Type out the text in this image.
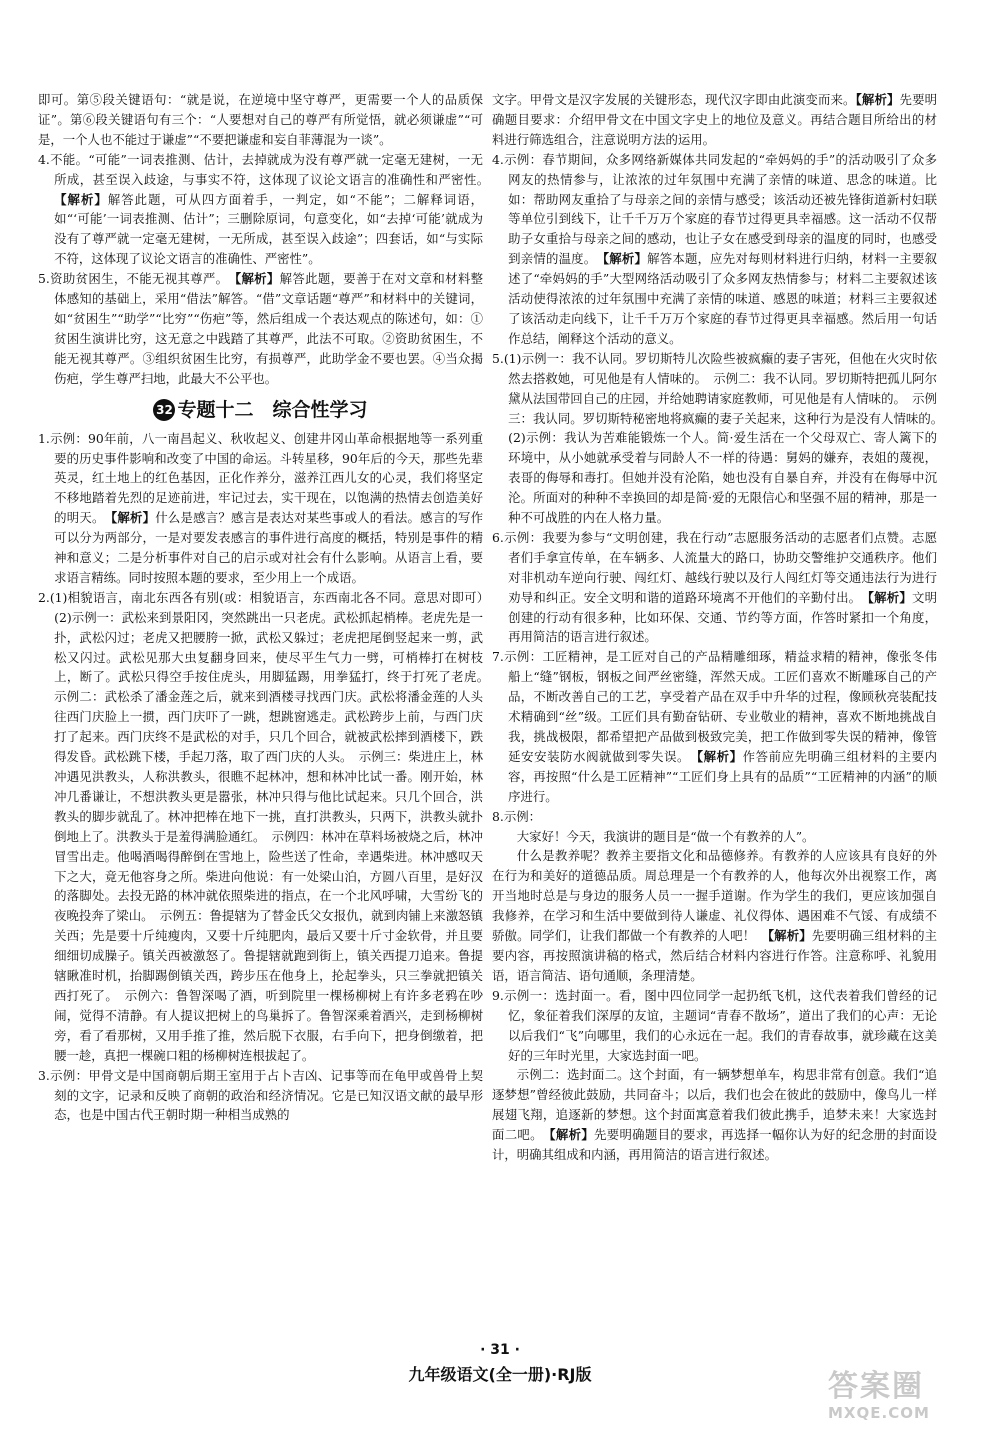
即可。第⑤段关键语句：“就是说，在逆境中坚守尊严，更需要一个人的品质保证”。第⑥段关键语句有三个：“人要想对自己的尊严有所觉悟，就必须谦虚”“可是，一个人也不能过于谦虚”“不要把谦虚和妄自菲薄混为一谈”。

4.不能。“可能”一词表推测、估计，去掉就成为没有尊严就一定毫无建树，一无所成，甚至误入歧途，与事实不符，这体现了议论文语言的准确性和严密性。　【解析】解答此题，可从四方面着手，一判定，如“不能”；二解释词语，如“‘可能’一词表推测、估计”；三删除原词，句意变化，如“去掉‘可能’就成为没有了尊严就一定毫无建树，一无所成，甚至误入歧途”；四套话，如“与实际不符，这体现了议论文语言的准确性、严密性”。

5.资助贫困生，不能无视其尊严。　 【解析】解答此题，要善于在对文章和材料整体感知的基础上，采用“借法”解答。“借”文章话题“尊严”和材料中的关键词，如“贫困生”“助学”“比穷”“伤疤”等，然后组成一个表达观点的陈述句，如：①贫困生演讲比穷，这无意之中践踏了其尊严，此法不可取。②资助贫困生，不能无视其尊严。③组织贫困生比穷，有损尊严，此助学金不要也罢。④当众揭伤疤，学生尊严扫地，此最大不公平也。

32 专题十二　综合性学习

1.示例：90年前，八一南昌起义、秋收起义、创建井冈山革命根据地等一系列重要的历史事件影响和改变了中国的命运。斗转星移，90年后的今天，那些先辈英灵，红土地上的红色基因，正化作养分，滋养江西儿女的心灵，我们将坚定不移地踏着先烈的足迹前进，牢记过去，实干现在，以饱满的热情去创造美好的明天。　 【解析】什么是感言？感言是表达对某些事或人的看法。感言的写作可以分为两部分，一是对要发表感言的事件进行高度的概括，特别是事件的精神和意义；二是分析事件对自己的启示或对社会有什么影响。从语言上看，要求语言精练。同时按照本题的要求，至少用上一个成语。

2.(1)相貌语言，南北东西各有别(或：相貌语言，东西南北各不同。意思对即可）　(2)示例一：武松来到景阳冈，突然跳出一只老虎。武松抓起梢棒。老虎先是一扑，武松闪过；老虎又把腰胯一掀，武松又躲过；老虎把尾倒竖起来一剪，武松又闪过。武松见那大虫复翻身回来，使尽平生气力一劈，可梢棒打在树枝上，断了。武松只得空手按住虎头，用脚猛踢，用拳猛打，终于打死了老虎。　示例二：武松杀了潘金莲之后，就来到酒楼寻找西门庆。武松将潘金莲的人头往西门庆脸上一掼，西门庆吓了一跳，想跳窗逃走。武松跨步上前，与西门庆打了起来。西门庆终不是武松的对手，只几个回合，就被武松摔到酒楼下，跌得发昏。武松跳下楼，手起刀落，取了西门庆的人头。　示例三：柴进庄上，林冲遇见洪教头，人称洪教头，很瞧不起林冲，想和林冲比试一番。刚开始，林冲几番谦让，不想洪教头更是嚣张，林冲只得与他比试起来。只几个回合，洪教头的脚步就乱了。林冲把棒在地下一挑，直打洪教头，只两下，洪教头就扑倒地上了。洪教头于是羞得满脸通红。　示例四：林冲在草料场被烧之后，林冲冒雪出走。他喝酒喝得醉倒在雪地上，险些送了性命，幸遇柴进。林冲感叹天下之大，竟无他容身之所。柴进向他说：有一处梁山泊，方圆八百里，是好汉的落脚处。去投无路的林冲就依照柴进的指点，在一个北风呼啸，大雪纷飞的夜晚投奔了梁山。　示例五：鲁提辖为了替金氏父女报仇，就到肉铺上来激怒镇关西；先是要十斤纯瘦肉，又要十斤纯肥肉，最后又要十斤寸金软骨，并且要细细切成臊子。镇关西被激怒了。鲁提辖就跑到街上，镇关西提刀追来。鲁提辖瞅准时机，抬脚踢倒镇关西，跨步压在他身上，抡起拳头，只三拳就把镇关西打死了。　示例六：鲁智深喝了酒，听到院里一棵杨柳树上有许多老鸦在吵闹，觉得不清静。有人提议把树上的鸟巢拆了。鲁智深乘着酒兴，走到杨柳树旁，看了看那树，又用手推了推，然后脱下衣服，右手向下，把身倒缴着，把腰一趁，真把一棵碗口粗的杨柳树连根拔起了。

3.示例：甲骨文是中国商朝后期王室用于占卜吉凶、记事等而在龟甲或兽骨上契刻的文字，记录和反映了商朝的政治和经济情况。它是已知汉语文献的最早形态，也是中国古代王朝时期一种相当成熟的

文字。甲骨文是汉字发展的关键形态，现代汉字即由此演变而来。【解析】先要明确题目要求：介绍甲骨文在中国文字史上的地位及意义。再结合题目所给出的材料进行筛选组合，注意说明方法的运用。

4.示例：春节期间，众多网络新媒体共同发起的“牵妈妈的手”的活动吸引了众多网友的热情参与，让浓浓的过年氛围中充满了亲情的味道、思念的味道。比如：帮助网友重拾了与母亲之间的亲情与感受；该活动还被先锋街道新村妇联等单位引到线下，让千千万万个家庭的春节过得更具幸福感。这一活动不仅帮助子女重拾与母亲之间的感动，也让子女在感受到母亲的温度的同时，也感受到亲情的温度。　 【解析】解答本题，应先对每则材料进行归纳，材料一主要叙述了“牵妈妈的手”大型网络活动吸引了众多网友热情参与；材料二主要叙述该活动使得浓浓的过年氛围中充满了亲情的味道、感恩的味道；材料三主要叙述了该活动走向线下，让千千万万个家庭的春节过得更具幸福感。然后用一句话作总结，阐释这个活动的意义。

5.(1)示例一：我不认同。罗切斯特儿次险些被疯癫的妻子害死，但他在火灾时依然去搭救她，可见他是有人情味的。　示例二：我不认同。罗切斯特把孤儿阿尔黛从法国带回自己的庄园，并给她聘请家庭教师，可见他是有人情味的。　示例三：我认同。罗切斯特秘密地将疯癫的妻子关起来，这种行为是没有人情味的。　(2)示例：我认为苦难能锻炼一个人。简·爱生活在一个父母双亡、寄人篱下的环境中，从小她就承受着与同龄人不一样的待遇：舅妈的嫌弃，表姐的蔑视，表哥的侮辱和毒打。但她并没有沦陷，她也没有自暴自弃，并没有在侮辱中沉沦。所面对的种种不幸换回的却是简·爱的无限信心和坚强不屈的精神，那是一种不可战胜的内在人格力量。

6.示例：我要为参与“文明创建，我在行动”志愿服务活动的志愿者们点赞。志愿者们手拿宣传单，在车辆多、人流量大的路口，协助交警维护交通秩序。他们对非机动车逆向行驶、闯红灯、越线行驶以及行人闯红灯等交通违法行为进行劝导和纠正。安全文明和谐的道路环境离不开他们的辛勤付出。　 【解析】文明创建的行动有很多种，比如环保、交通、节约等方面，作答时紧扣一个角度，再用简洁的语言进行叙述。

7.示例：工匠精神，是工匠对自己的产品精雕细琢，精益求精的精神，像张冬伟船上“缝”钢板，钢板之间严丝密缝，浑然天成。工匠们喜欢不断雕琢自己的产品，不断改善自己的工艺，享受着产品在双手中升华的过程，像顾秋亮装配技术精确到“丝”级。工匠们具有勤奋钻研、专业敬业的精神，喜欢不断地挑战自我，挑战极限，都希望把产品做到极致完美，把工作做到零失误的精神，像管延安安装防水阀就做到零失误。　 【解析】作答前应先明确三组材料的主要内容，再按照“什么是工匠精神”“工匠们身上具有的品质”“工匠精神的内涵”的顺序进行。

8.示例：

大家好！今天，我演讲的题目是“做一个有教养的人”。

什么是教养呢？教养主要指文化和品德修养。有教养的人应该具有良好的外在行为和美好的道德品质。周总理是一个有教养的人，他每次外出视察工作，离开当地时总是与身边的服务人员一一握手道谢。作为学生的我们，更应该加强自我修养，在学习和生活中要做到待人谦虚、礼仪得体、遇困难不气馁、有成绩不骄傲。同学们，让我们都做一个有教养的人吧！　 【解析】先要明确三组材料的主要内容，再按照演讲稿的格式，然后结合材料内容进行作答。注意称呼、礼貌用语，语言简洁、语句通顺，条理清楚。

9.示例一：选封面一。看，图中四位同学一起扔纸飞机，这代表着我们曾经的记忆，象征着我们深厚的友谊，主题词“青春不散场”，道出了我们的心声：无论以后我们“飞”向哪里，我们的心永远在一起。我们的青春故事，就珍藏在这美好的三年时光里，大家选封面一吧。

示例二：选封面二。这个封面，有一辆梦想单车，构思非常有创意。我们“追逐梦想”曾经彼此鼓励，共同奋斗；以后，我们也会在彼此的鼓励中，像鸟儿一样展翅飞翔，追逐新的梦想。这个封面寓意着我们彼此携手，追梦未来！大家选封面二吧。　 【解析】先要明确题目的要求，再选择一幅你认为好的纪念册的封面设计，明确其组成和内涵，再用简洁的语言进行叙述。

· 31 ·
九年级语文(全一册)·RJ版	答案圈
MXQE.COM
